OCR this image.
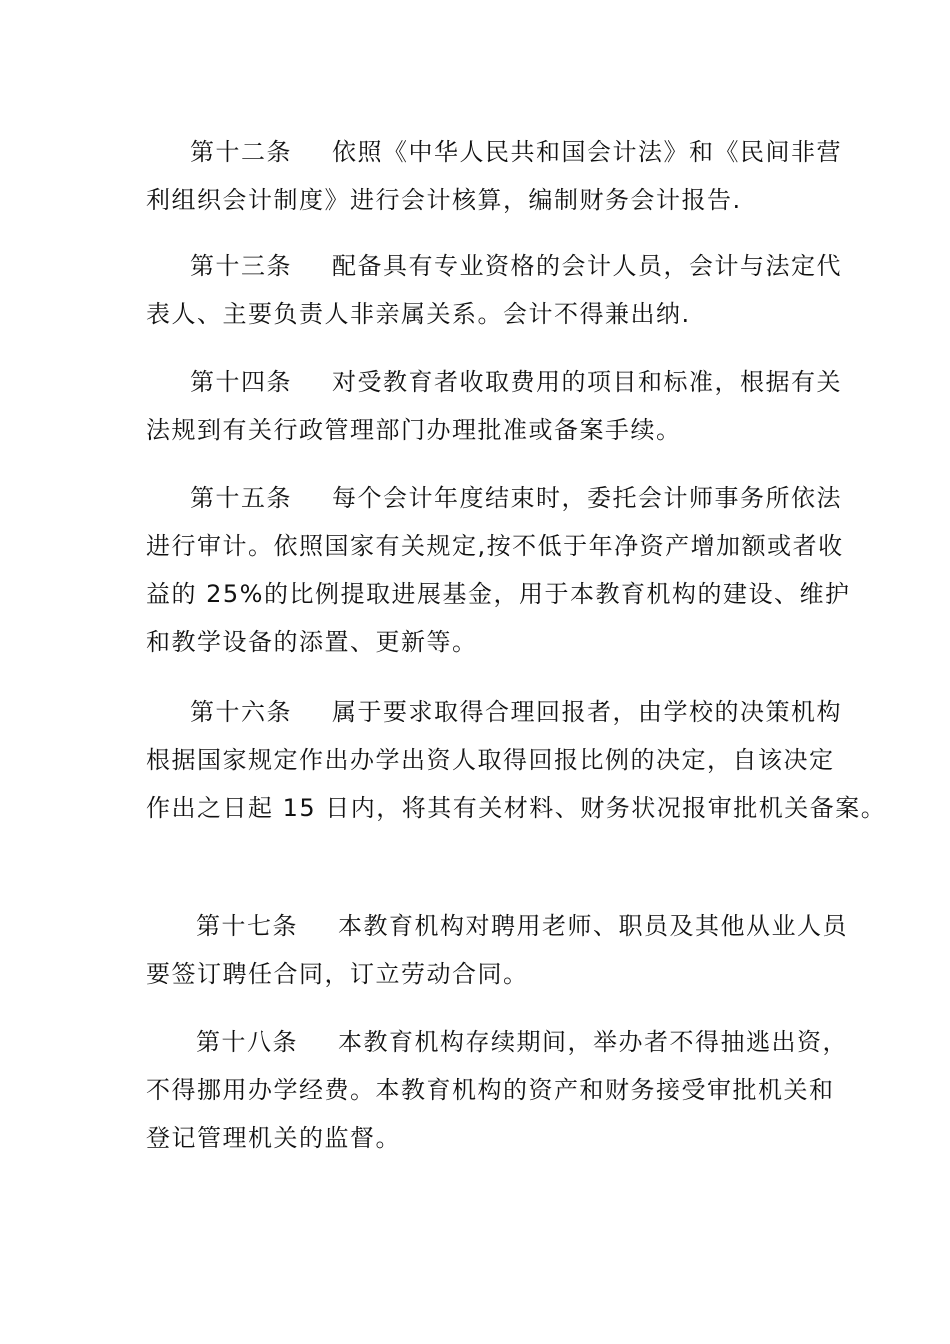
第十二条 依照《中华人民共和国会计法》和《民间非营
利组织会计制度》进行会计核算，编制财务会计报告.
第十三条 配备具有专业资格的会计人员，会计与法定代
表人、主要负责人非亲属关系。会计不得兼出纳.
第十四条 对受教育者收取费用的项目和标准，根据有关
法规到有关行政管理部门办理批准或备案手续。
第十五条 每个会计年度结束时，委托会计师事务所依法
进行审计。依照国家有关规定,按不低于年净资产增加额或者收
益的 25%的比例提取进展基金，用于本教育机构的建设、维护
和教学设备的添置、更新等。
第十六条 属于要求取得合理回报者，由学校的决策机构
根据国家规定作出办学出资人取得回报比例的决定，自该决定
作出之日起 15 日内，将其有关材料、财务状况报审批机关备案。
第十七条 本教育机构对聘用老师、职员及其他从业人员
要签订聘任合同，订立劳动合同。
第十八条 本教育机构存续期间，举办者不得抽逃出资，
不得挪用办学经费。本教育机构的资产和财务接受审批机关和
登记管理机关的监督。
